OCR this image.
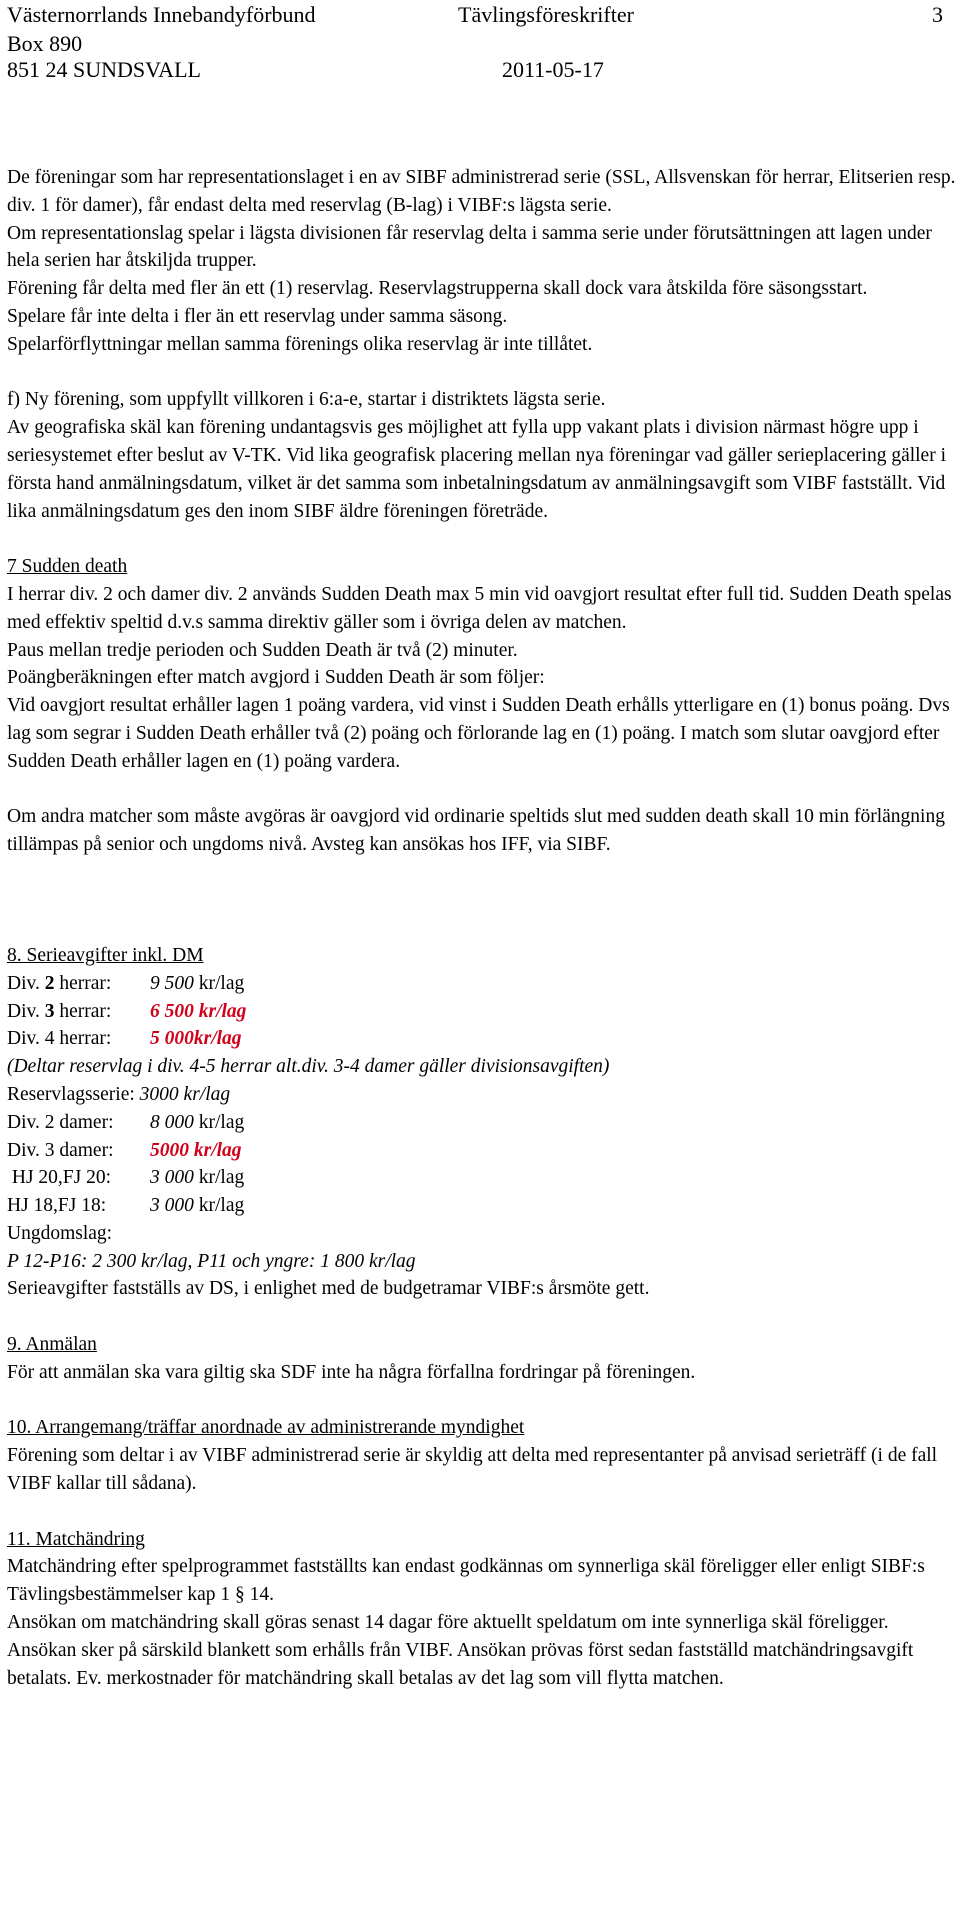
Västernorrlands Innebandyförbund	Tävlingsföreskrifter	3
Box 890
851 24 SUNDSVALL	2011-05-17

De föreningar som har representationslaget i en av SIBF administrerad serie (SSL, Allsvenskan för herrar, Elitserien resp. div. 1 för damer), får endast delta med reservlag (B-lag) i VIBF:s lägsta serie.

Om representationslag spelar i lägsta divisionen får reservlag delta i samma serie under förutsättningen att lagen under hela serien har åtskiljda trupper.

Förening får delta med fler än ett (1) reservlag. Reservlagstrupperna skall dock vara åtskilda före säsongsstart.

Spelare får inte delta i fler än ett reservlag under samma säsong.

Spelarförflyttningar mellan samma förenings olika reservlag är inte tillåtet.

f) Ny förening, som uppfyllt villkoren i 6:a-e, startar i distriktets lägsta serie.

Av geografiska skäl kan förening undantagsvis ges möjlighet att fylla upp vakant plats i division närmast högre upp i seriesystemet efter beslut av V-TK. Vid lika geografisk placering mellan nya föreningar vad gäller serieplacering gäller i första hand anmälningsdatum, vilket är det samma som inbetalningsdatum av anmälningsavgift som VIBF fastställt. Vid lika anmälningsdatum ges den inom SIBF äldre föreningen företräde.

7 Sudden death

I herrar div. 2 och damer div. 2 används Sudden Death max 5 min vid oavgjort resultat efter full tid. Sudden Death spelas med effektiv speltid d.v.s samma direktiv gäller som i övriga delen av matchen.

Paus mellan tredje perioden och Sudden Death är två (2) minuter.

Poängberäkningen efter match avgjord i Sudden Death är som följer:

Vid oavgjort resultat erhåller lagen 1 poäng vardera, vid vinst i Sudden Death erhålls ytterligare en (1) bonus poäng. Dvs lag som segrar i Sudden Death erhåller två (2) poäng och förlorande lag en (1) poäng. I match som slutar oavgjord efter Sudden Death erhåller lagen en (1) poäng vardera.

Om andra matcher som måste avgöras är oavgjord vid ordinarie speltids slut med sudden death skall 10 min förlängning tillämpas på senior och ungdoms nivå. Avsteg kan ansökas hos IFF, via SIBF.

8. Serieavgifter inkl. DM

Div. 2 herrar: 9 500 kr/lag

Div. 3 herrar: 6 500 kr/lag

Div. 4 herrar: 5 000kr/lag

(Deltar reservlag i div. 4-5 herrar alt.div. 3-4 damer gäller divisionsavgiften)

Reservlagsserie: 3000 kr/lag

Div. 2 damer: 8 000 kr/lag

Div. 3 damer: 5000 kr/lag

HJ 20,FJ 20: 3 000 kr/lag

HJ 18,FJ 18: 3 000 kr/lag

Ungdomslag:

P 12-P16: 2 300 kr/lag, P11 och yngre: 1 800 kr/lag

Serieavgifter fastställs av DS, i enlighet med de budgetramar VIBF:s årsmöte gett.

9. Anmälan

För att anmälan ska vara giltig ska SDF inte ha några förfallna fordringar på föreningen.

10. Arrangemang/träffar anordnade av administrerande myndighet

Förening som deltar i av VIBF administrerad serie är skyldig att delta med representanter på anvisad serieträff (i de fall VIBF kallar till sådana).

11. Matchändring

Matchändring efter spelprogrammet fastställts kan endast godkännas om synnerliga skäl föreligger eller enligt SIBF:s Tävlingsbestämmelser kap 1 § 14.

Ansökan om matchändring skall göras senast 14 dagar före aktuellt speldatum om inte synnerliga skäl föreligger. Ansökan sker på särskild blankett som erhålls från VIBF. Ansökan prövas först sedan fastställd matchändringsavgift betalats. Ev. merkostnader för matchändring skall betalas av det lag som vill flytta matchen.
